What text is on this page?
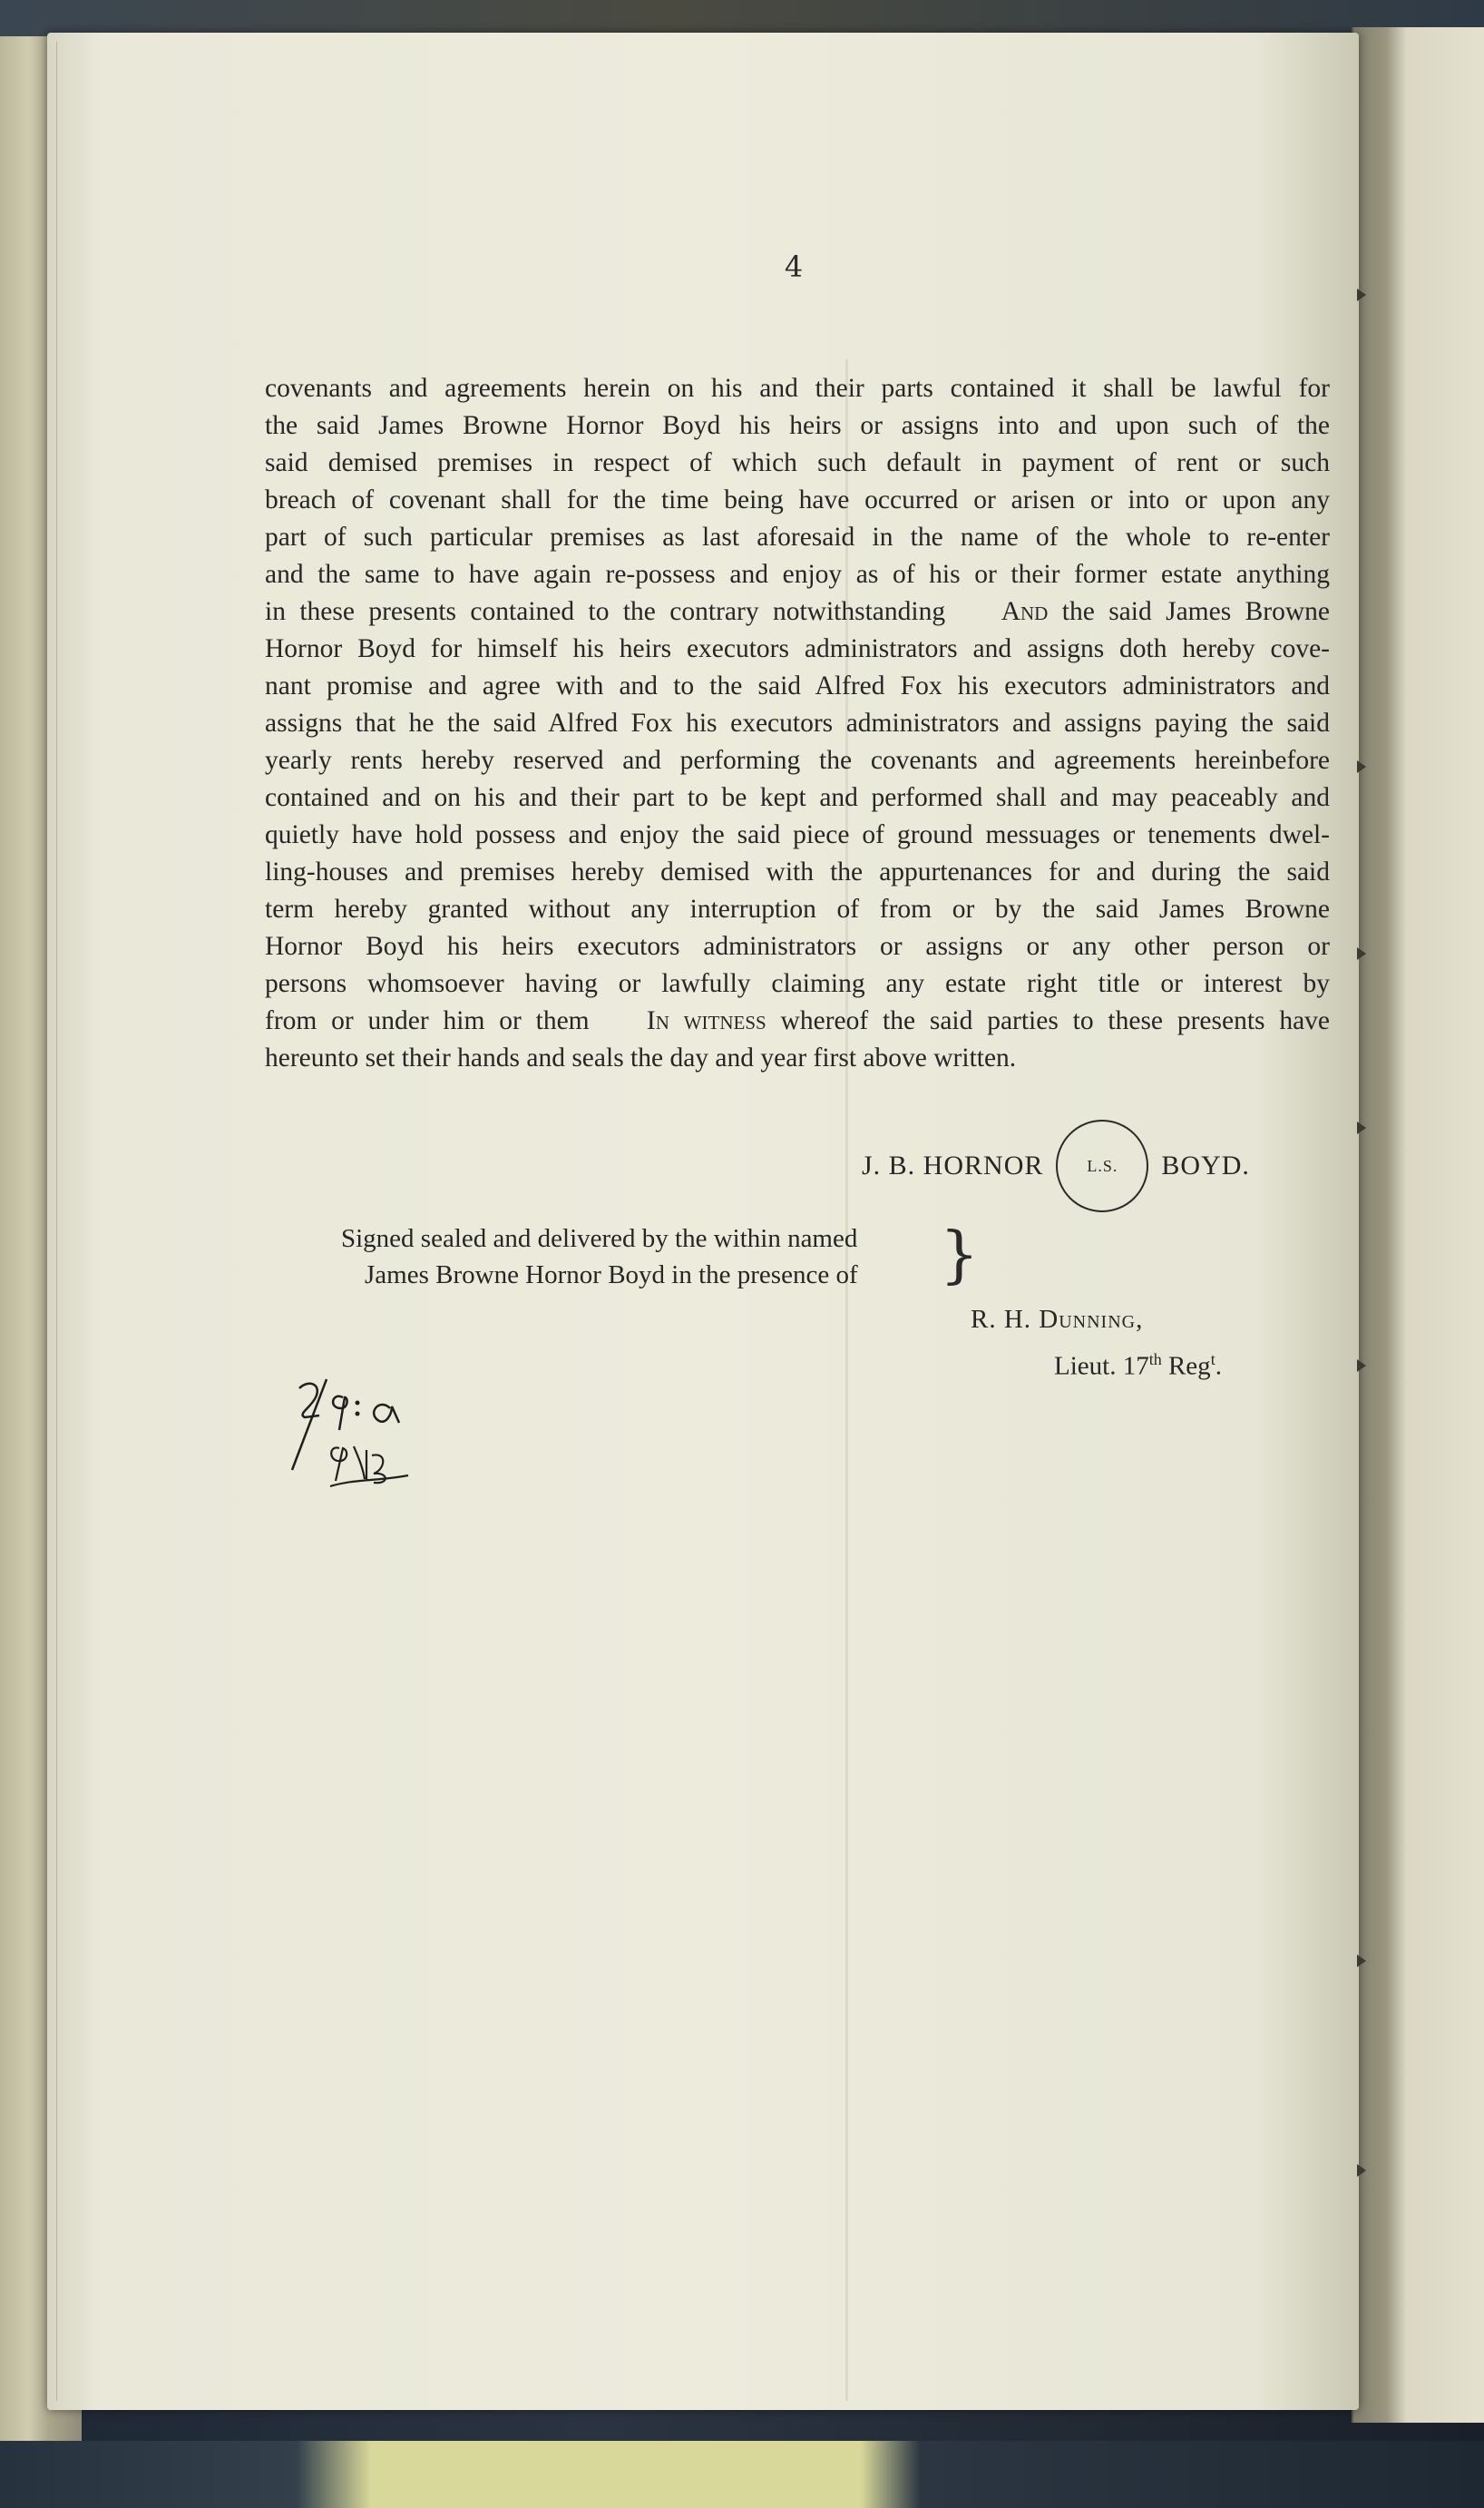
4
covenants and agreements herein on his and their parts contained it shall be lawful for
the said James Browne Hornor Boyd his heirs or assigns into and upon such of the
said demised premises in respect of which such default in payment of rent or such
breach of covenant shall for the time being have occurred or arisen or into or upon any
part of such particular premises as last aforesaid in the name of the whole to re-enter
and the same to have again re-possess and enjoy as of his or their former estate anything
in these presents contained to the contrary notwithstanding And the said James Browne
Hornor Boyd for himself his heirs executors administrators and assigns doth hereby cove-
nant promise and agree with and to the said Alfred Fox his executors administrators and
assigns that he the said Alfred Fox his executors administrators and assigns paying the said
yearly rents hereby reserved and performing the covenants and agreements hereinbefore
contained and on his and their part to be kept and performed shall and may peaceably and
quietly have hold possess and enjoy the said piece of ground messuages or tenements dwel-
ling-houses and premises hereby demised with the appurtenances for and during the said
term hereby granted without any interruption of from or by the said James Browne
Hornor Boyd his heirs executors administrators or assigns or any other person or
persons whomsoever having or lawfully claiming any estate right title or interest by
from or under him or them In witness whereof the said parties to these presents have
hereunto set their hands and seals the day and year first above written.
J. B. HORNOR	L.S. BOYD.
Signed sealed and delivered by the within named
James Browne Hornor Boyd in the presence of	}
R. H. Dunning,
Lieut. 17th Reg$^t$.
